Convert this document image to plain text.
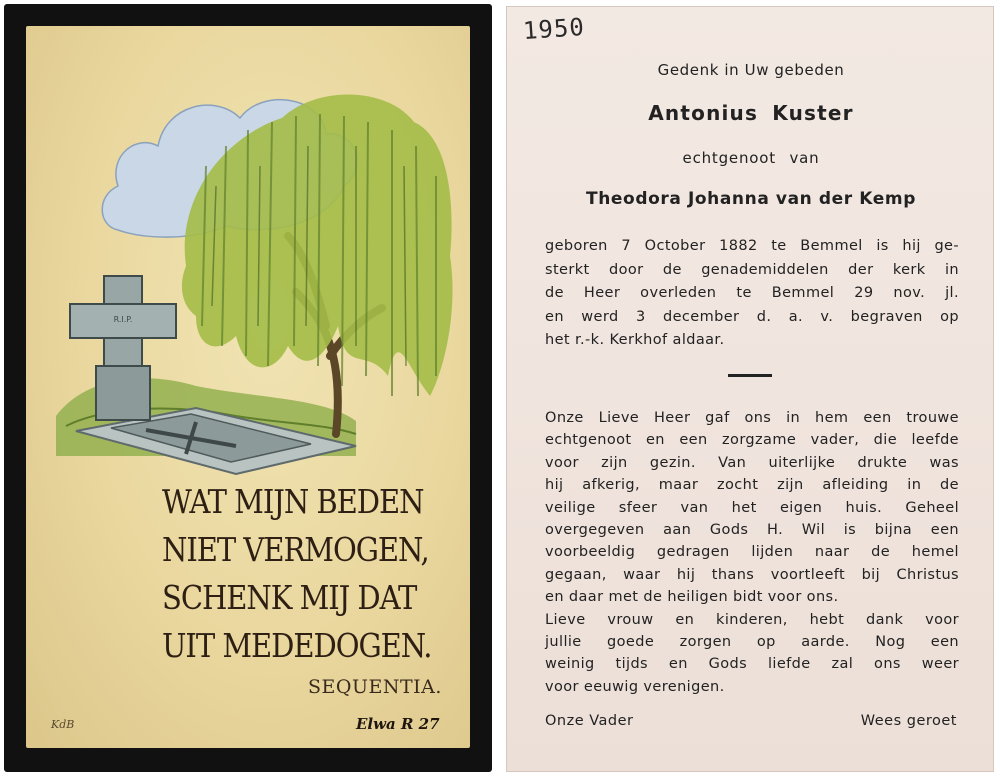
R.I.P.
WAT MIJN BEDEN
NIET VERMOGEN,
SCHENK MIJ DAT
UIT MEDEDOGEN.
SEQUENTIA.
KdB	Elwa R 27
1950
Gedenk in Uw gebeden
Antonius Kuster
echtgenoot van
Theodora Johanna van der Kemp
geboren 7 October 1882 te Bemmel is hij ge-
sterkt door de genademiddelen der kerk in
de Heer overleden te Bemmel 29 nov. jl.
en werd 3 december d. a. v. begraven op
het r.-k. Kerkhof aldaar.
Onze Lieve Heer gaf ons in hem een trouwe
echtgenoot en een zorgzame vader, die leefde
voor zijn gezin. Van uiterlijke drukte was
hij afkerig, maar zocht zijn afleiding in de
veilige sfeer van het eigen huis. Geheel
overgegeven aan Gods H. Wil is bijna een
voorbeeldig gedragen lijden naar de hemel
gegaan, waar hij thans voortleeft bij Christus
en daar met de heiligen bidt voor ons.
Lieve vrouw en kinderen, hebt dank voor
jullie goede zorgen op aarde. Nog een
weinig tijds en Gods liefde zal ons weer
voor eeuwig verenigen.
Onze Vader	Wees geroet
